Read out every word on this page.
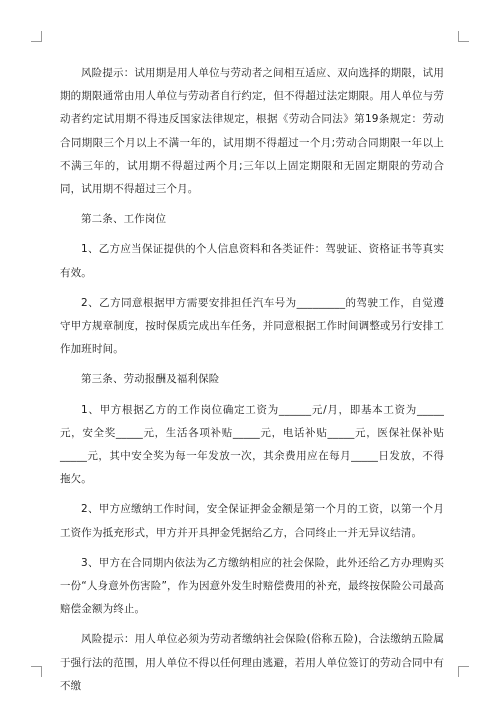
风险提示：试用期是用人单位与劳动者之间相互适应、双向选择的期限，试用期的期限通常由用人单位与劳动者自行约定，但不得超过法定期限。用人单位与劳动者约定试用期不得违反国家法律规定，根据《劳动合同法》第19条规定：劳动合同期限三个月以上不满一年的，试用期不得超过一个月;劳动合同期限一年以上不满三年的，试用期不得超过两个月;三年以上固定期限和无固定期限的劳动合同，试用期不得超过三个月。

第二条、工作岗位

1、乙方应当保证提供的个人信息资料和各类证件：驾驶证、资格证书等真实有效。

2、乙方同意根据甲方需要安排担任汽车号为_________的驾驶工作，自觉遵守甲方规章制度，按时保质完成出车任务，并同意根据工作时间调整或另行安排工作加班时间。

第三条、劳动报酬及福利保险

1、甲方根据乙方的工作岗位确定工资为______元/月，即基本工资为_____元，安全奖_____元，生活各项补贴_____元，电话补贴_____元，医保社保补贴_____元，其中安全奖为每一年发放一次，其余费用应在每月_____日发放，不得拖欠。

2、甲方应缴纳工作时间，安全保证押金金额是第一个月的工资，以第一个月工资作为抵充形式，甲方并开具押金凭据给乙方，合同终止一并无异议结清。

3、甲方在合同期内依法为乙方缴纳相应的社会保险，此外还给乙方办理购买一份“人身意外伤害险”，作为因意外发生时赔偿费用的补充，最终按保险公司最高赔偿金额为终止。

风险提示：用人单位必须为劳动者缴纳社会保险(俗称五险)，合法缴纳五险属于强行法的范围，用人单位不得以任何理由逃避，若用人单位签订的劳动合同中有不缴
